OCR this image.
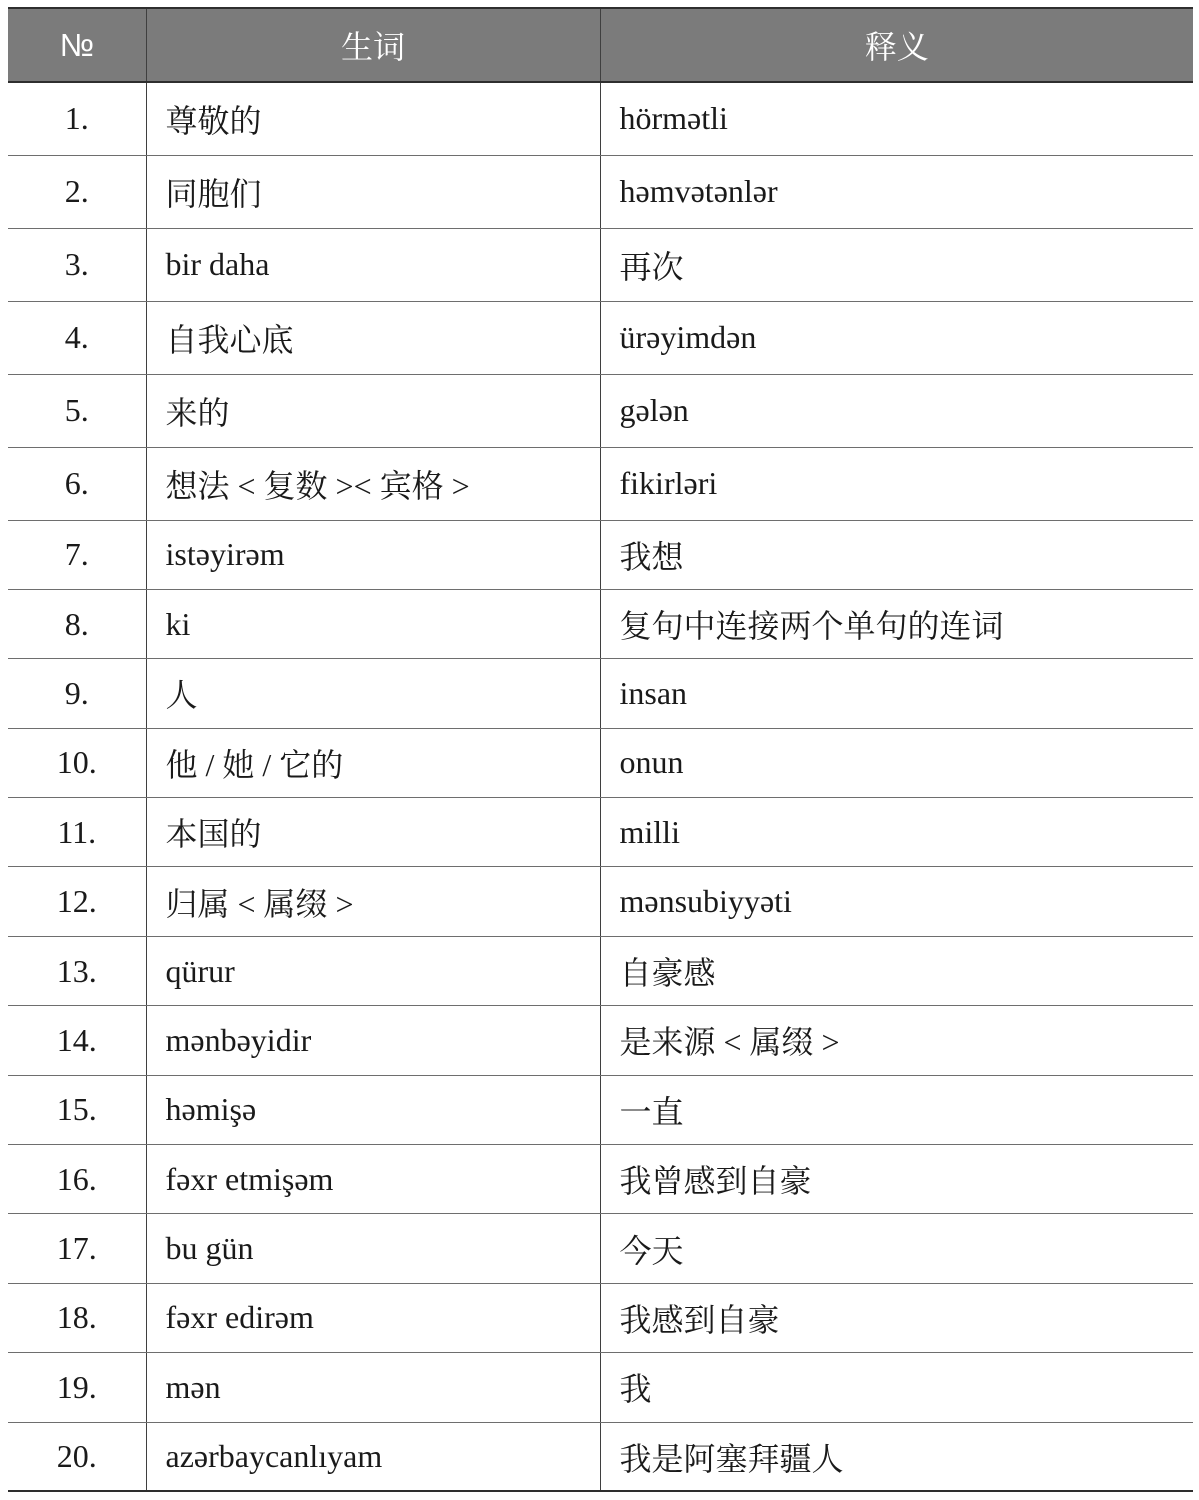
№	生词	释义
1.	尊敬的	hörmətli
2.	同胞们	həmvətənlər
3.	bir daha	再次
4.	自我心底	ürəyimdən
5.	来的	gələn
6.	想法 < 复数 >< 宾格 >	fikirləri
7.	istəyirəm	我想
8.	ki	复句中连接两个单句的连词
9.	人	insan
10.	他 / 她 / 它的	onun
11.	本国的	milli
12.	归属 < 属缀 >	mənsubiyyəti
13.	qürur	自豪感
14.	mənbəyidir	是来源 < 属缀 >
15.	həmişə	一直
16.	fəxr etmişəm	我曾感到自豪
17.	bu gün	今天
18.	fəxr edirəm	我感到自豪
19.	mən	我
20.	azərbaycanlıyam	我是阿塞拜疆人
